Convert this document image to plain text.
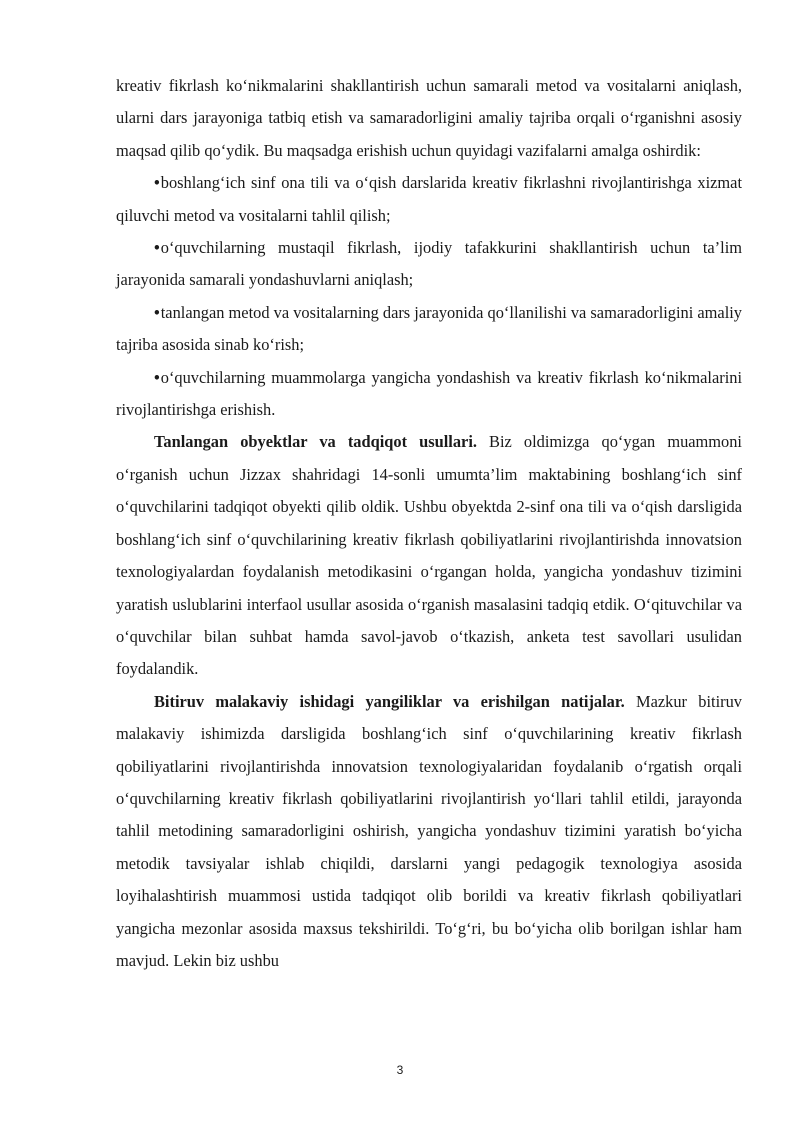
kreativ fikrlash ko‘nikmalarini shakllantirish uchun samarali metod va vositalarni aniqlash, ularni dars jarayoniga tatbiq etish va samaradorligini amaliy tajriba orqali o‘rganishni asosiy maqsad qilib qo‘ydik. Bu maqsadga erishish uchun quyidagi vazifalarni amalga oshirdik:

• boshlang‘ich sinf ona tili va o‘qish darslarida kreativ fikrlashni rivojlantirishga xizmat qiluvchi metod va vositalarni tahlil qilish;

• o‘quvchilarning mustaqil fikrlash, ijodiy tafakkurini shakllantirish uchun ta’lim jarayonida samarali yondashuvlarni aniqlash;

• tanlangan metod va vositalarning dars jarayonida qo‘llanilishi va samaradorligini amaliy tajriba asosida sinab ko‘rish;

• o‘quvchilarning muammolarga yangicha yondashish va kreativ fikrlash ko‘nikmalarini rivojlantirishga erishish.

Tanlangan obyektlar va tadqiqot usullari. Biz oldimizga qo‘ygan muammoni o‘rganish uchun Jizzax shahridagi 14-sonli umumta’lim maktabining boshlang‘ich sinf o‘quvchilarini tadqiqot obyekti qilib oldik. Ushbu obyektda 2-sinf ona tili va o‘qish darsligida boshlang‘ich sinf o‘quvchilarining kreativ fikrlash qobiliyatlarini rivojlantirishda innovatsion texnologiyalardan foydalanish metodikasini o‘rgangan holda, yangicha yondashuv tizimini yaratish uslublarini interfaol usullar asosida o‘rganish masalasini tadqiq etdik. O‘qituvchilar va o‘quvchilar bilan suhbat hamda savol-javob o‘tkazish, anketa test savollari usulidan foydalandik.

Bitiruv malakaviy ishidagi yangiliklar va erishilgan natijalar. Mazkur bitiruv malakaviy ishimizda darsligida boshlang‘ich sinf o‘quvchilarining kreativ fikrlash qobiliyatlarini rivojlantirishda innovatsion texnologiyalaridan foydalanib o‘rgatish orqali o‘quvchilarning kreativ fikrlash qobiliyatlarini rivojlantirish yo‘llari tahlil etildi, jarayonda tahlil metodining samaradorligini oshirish, yangicha yondashuv tizimini yaratish bo‘yicha metodik tavsiyalar ishlab chiqildi, darslarni yangi pedagogik texnologiya asosida loyihalashtirish muammosi ustida tadqiqot olib borildi va kreativ fikrlash qobiliyatlari yangicha mezonlar asosida maxsus tekshirildi. To‘g‘ri, bu bo‘yicha olib borilgan ishlar ham mavjud. Lekin biz ushbu

3
